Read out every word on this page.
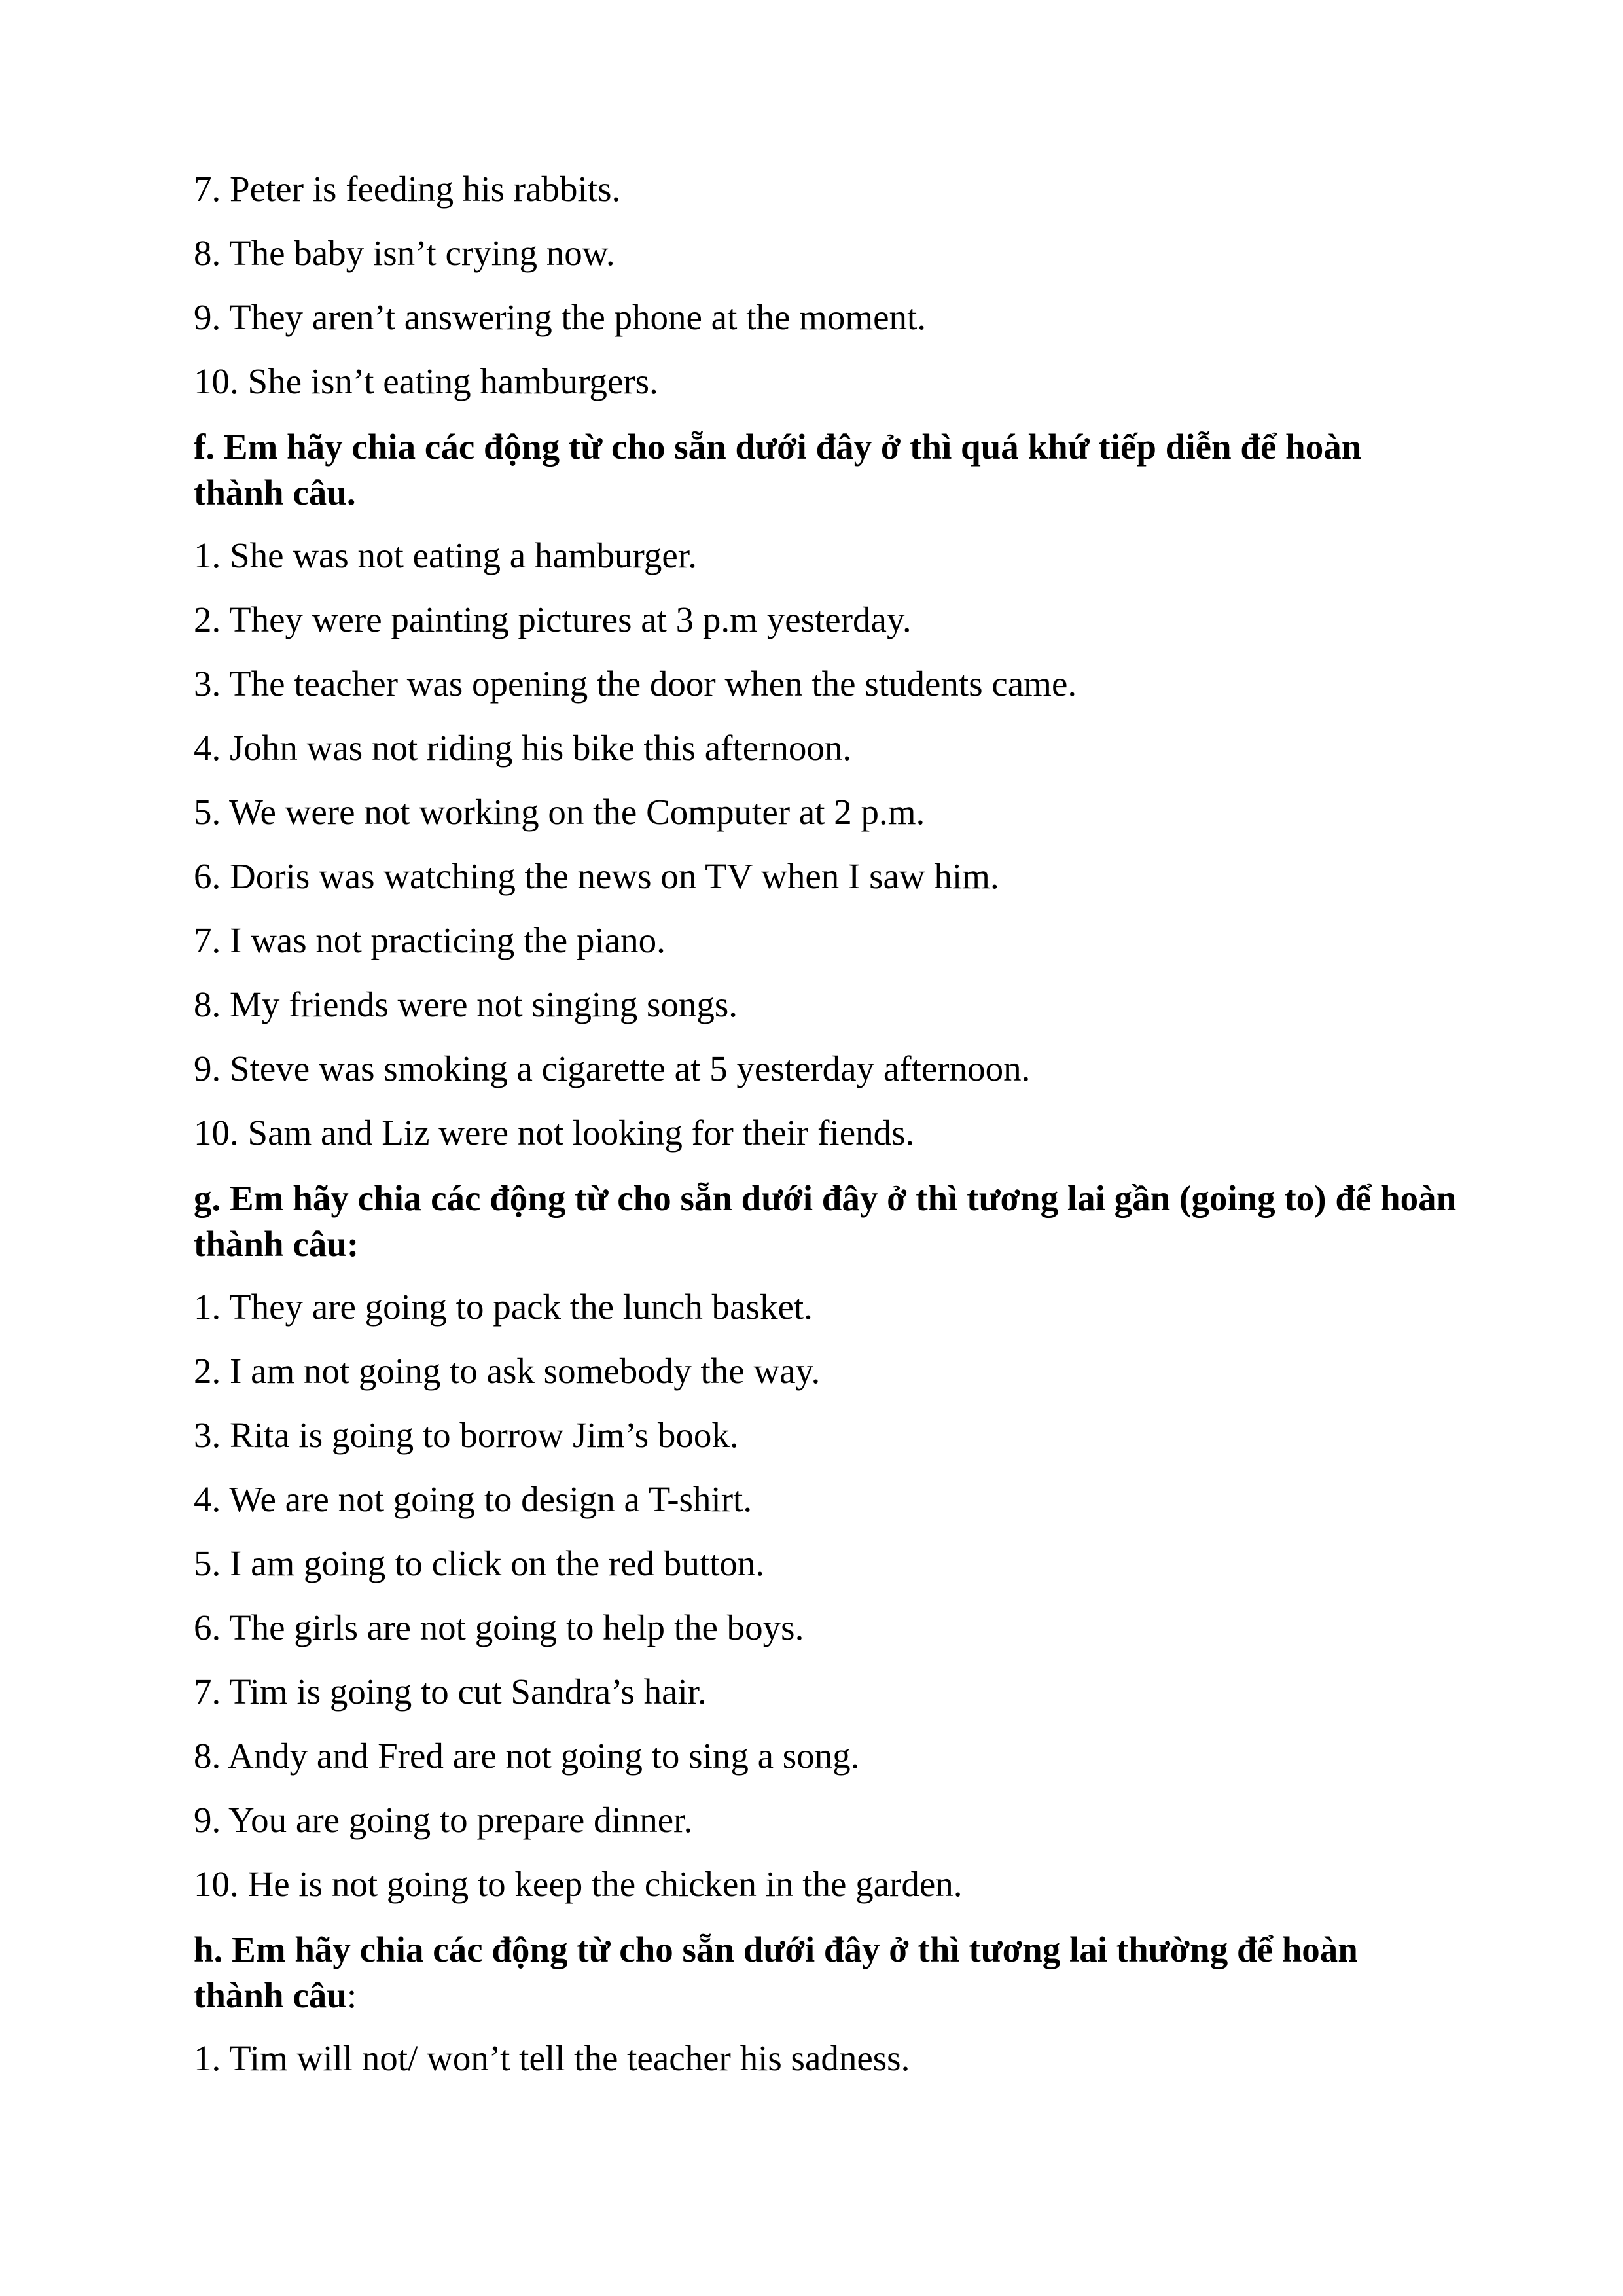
7. Peter is feeding his rabbits.
8. The baby isn’t crying now.
9. They aren’t answering the phone at the moment.
10. She isn’t eating hamburgers.
f. Em hãy chia các động từ cho sẵn dưới đây ở thì quá khứ tiếp diễn để hoàn thành câu.
1. She was not eating a hamburger.
2. They were painting pictures at 3 p.m yesterday.
3. The teacher was opening the door when the students came.
4. John was not riding his bike this afternoon.
5. We were not working on the Computer at 2 p.m.
6. Doris was watching the news on TV when I saw him.
7. I was not practicing the piano.
8. My friends were not singing songs.
9. Steve was smoking a cigarette at 5 yesterday afternoon.
10. Sam and Liz were not looking for their fiends.
g. Em hãy chia các động từ cho sẵn dưới đây ở thì tương lai gần (going to) để hoàn thành câu:
1. They are going to pack the lunch basket.
2. I am not going to ask somebody the way.
3. Rita is going to borrow Jim’s book.
4. We are not going to design a T-shirt.
5. I am going to click on the red button.
6. The girls are not going to help the boys.
7. Tim is going to cut Sandra’s hair.
8. Andy and Fred are not going to sing a song.
9. You are going to prepare dinner.
10. He is not going to keep the chicken in the garden.
h. Em hãy chia các động từ cho sẵn dưới đây ở thì tương lai thường để hoàn thành câu:
1. Tim will not/ won’t tell the teacher his sadness.
